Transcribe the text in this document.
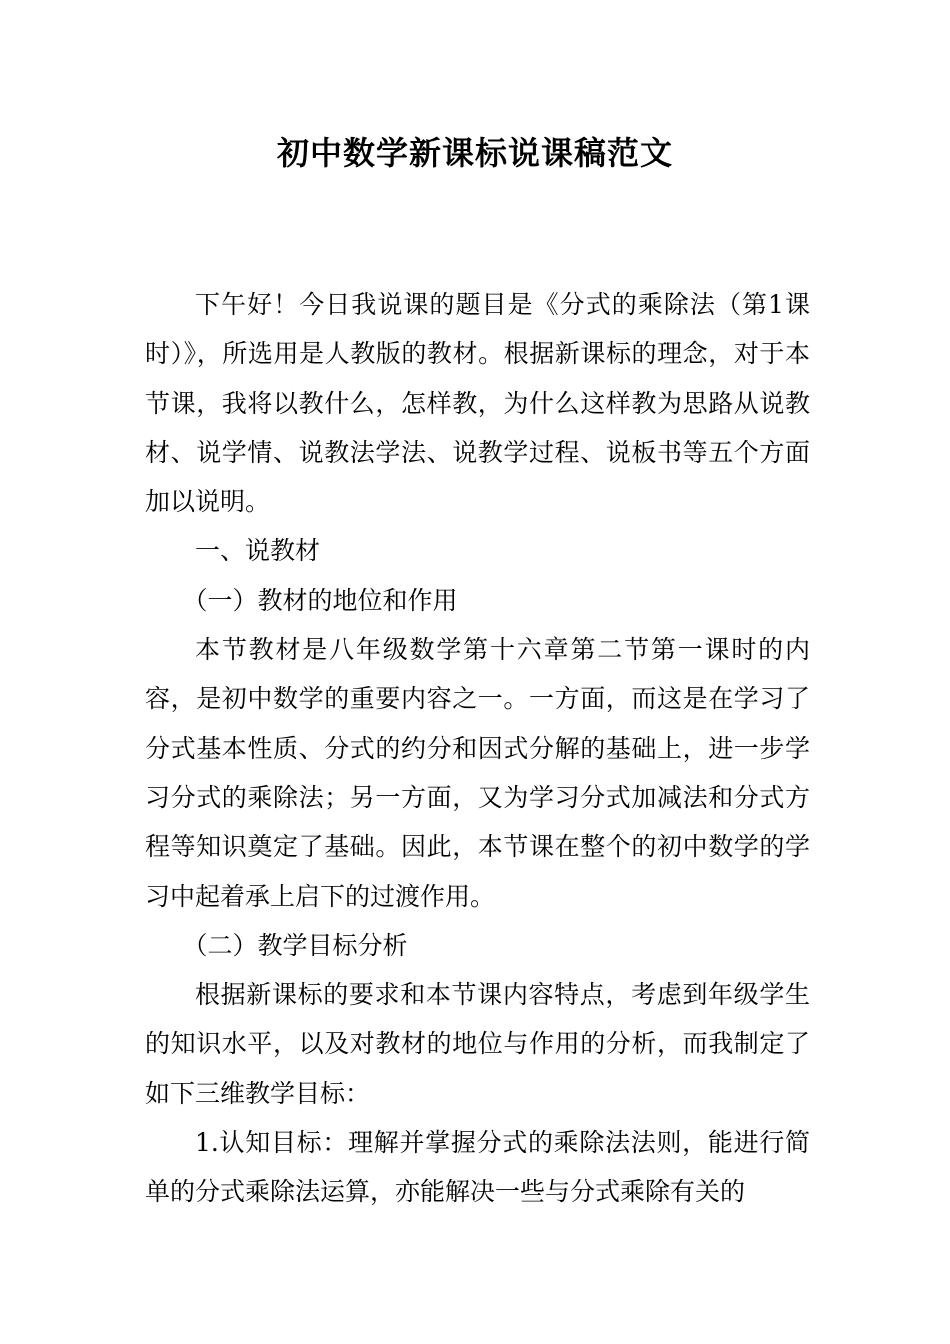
初中数学新课标说课稿范文

下午好！今日我说课的题目是《分式的乘除法（第1课时）》，所选用是人教版的教材。根据新课标的理念，对于本节课，我将以教什么，怎样教，为什么这样教为思路从说教材、说学情、说教法学法、说教学过程、说板书等五个方面加以说明。

一、说教材

（一）教材的地位和作用

本节教材是八年级数学第十六章第二节第一课时的内容，是初中数学的重要内容之一。一方面，而这是在学习了分式基本性质、分式的约分和因式分解的基础上，进一步学习分式的乘除法；另一方面，又为学习分式加减法和分式方程等知识奠定了基础。因此，本节课在整个的初中数学的学习中起着承上启下的过渡作用。

（二）教学目标分析

根据新课标的要求和本节课内容特点，考虑到年级学生的知识水平，以及对教材的地位与作用的分析，而我制定了如下三维教学目标：

1.认知目标：理解并掌握分式的乘除法法则，能进行简单的分式乘除法运算，亦能解决一些与分式乘除有关的
